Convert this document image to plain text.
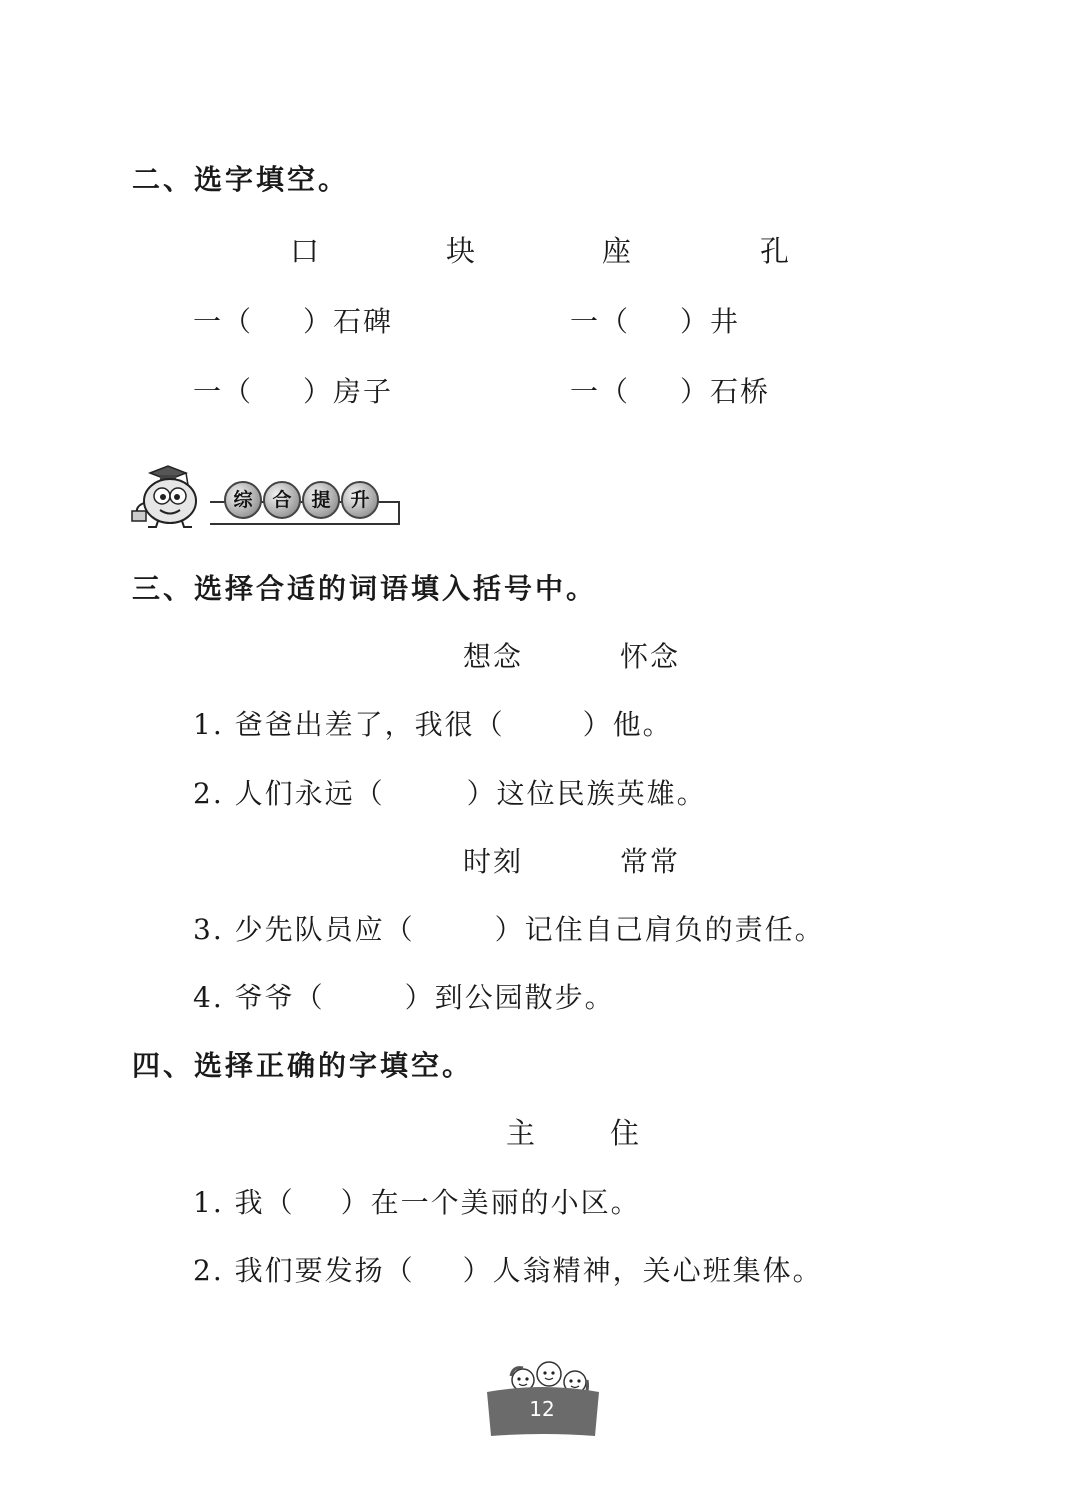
二、选字填空。
口	块	座	孔
一（ ）石碑	一（ ）井
一（ ）房子	一（ ）石桥
综	合	提	升
三、选择合适的词语填入括号中。
想念	怀念
1. 爸爸出差了，我很（	）他。
2. 人们永远（	）这位民族英雄。
时刻	常常
3. 少先队员应（	）记住自己肩负的责任。
4. 爷爷（	）到公园散步。
四、选择正确的字填空。
主	住
1. 我（ ）在一个美丽的小区。
2. 我们要发扬（ ）人翁精神，关心班集体。
12
